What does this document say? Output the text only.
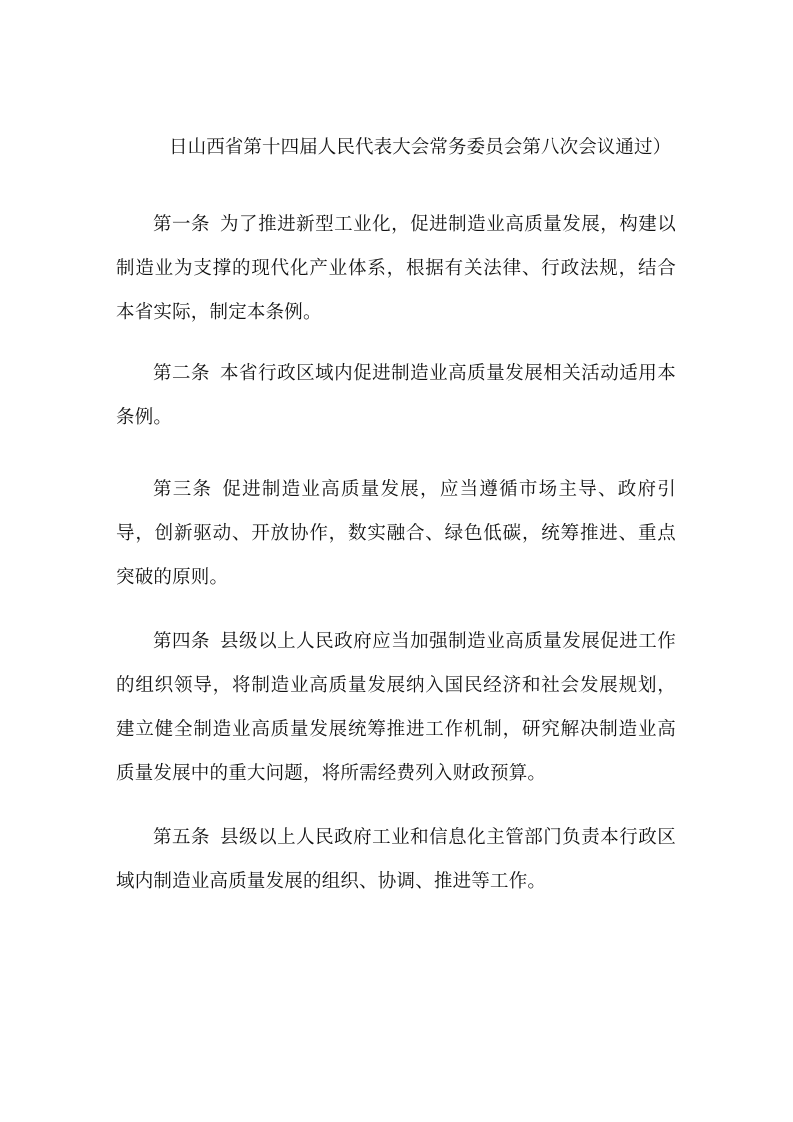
日山西省第十四届人民代表大会常务委员会第八次会议通过）

第一条 为了推进新型工业化，促进制造业高质量发展，构建以制造业为支撑的现代化产业体系，根据有关法律、行政法规，结合本省实际，制定本条例。

第二条 本省行政区域内促进制造业高质量发展相关活动适用本条例。

第三条 促进制造业高质量发展，应当遵循市场主导、政府引导，创新驱动、开放协作，数实融合、绿色低碳，统筹推进、重点突破的原则。

第四条 县级以上人民政府应当加强制造业高质量发展促进工作的组织领导，将制造业高质量发展纳入国民经济和社会发展规划，建立健全制造业高质量发展统筹推进工作机制，研究解决制造业高质量发展中的重大问题，将所需经费列入财政预算。

第五条 县级以上人民政府工业和信息化主管部门负责本行政区域内制造业高质量发展的组织、协调、推进等工作。
